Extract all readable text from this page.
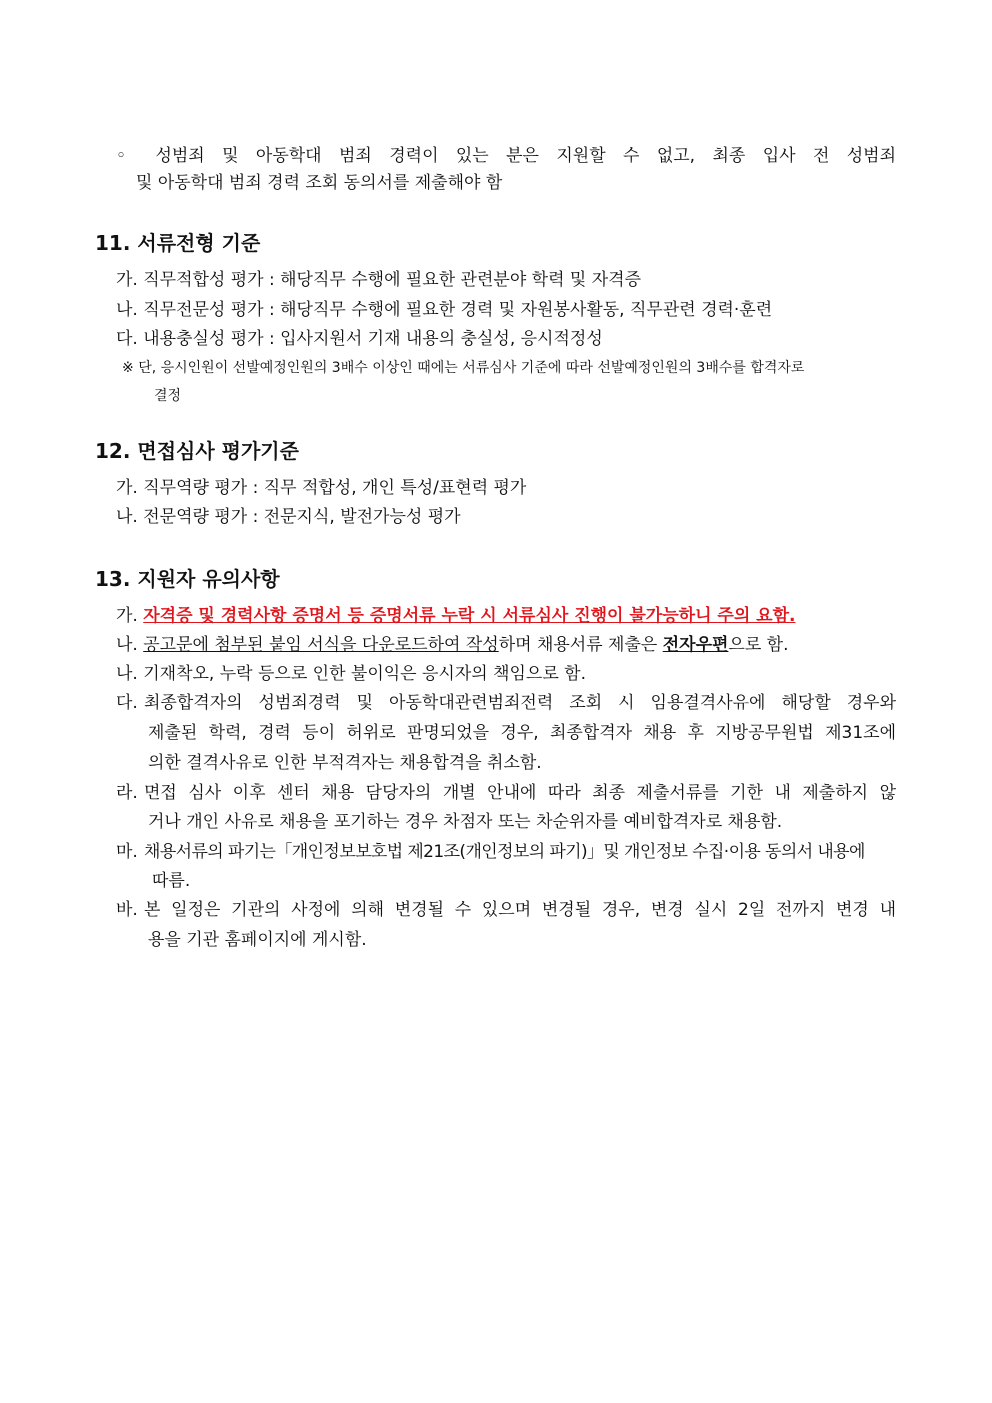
◦ 성범죄 및 아동학대 범죄 경력이 있는 분은 지원할 수 없고, 최종 입사 전 성범죄
및 아동학대 범죄 경력 조회 동의서를 제출해야 함
11. 서류전형 기준
가. 직무적합성 평가 : 해당직무 수행에 필요한 관련분야 학력 및 자격증
나. 직무전문성 평가 : 해당직무 수행에 필요한 경력 및 자원봉사활동, 직무관련 경력·훈련
다. 내용충실성 평가 : 입사지원서 기재 내용의 충실성, 응시적정성
※ 단, 응시인원이 선발예정인원의 3배수 이상인 때에는 서류심사 기준에 따라 선발예정인원의 3배수를 합격자로
결정
12. 면접심사 평가기준
가. 직무역량 평가 : 직무 적합성, 개인 특성/표현력 평가
나. 전문역량 평가 : 전문지식, 발전가능성 평가
13. 지원자 유의사항
가. 자격증 및 경력사항 증명서 등 증명서류 누락 시 서류심사 진행이 불가능하니 주의 요함.
나. 공고문에 첨부된 붙임 서식을 다운로드하여 작성하며 채용서류 제출은 전자우편으로 함.
나. 기재착오, 누락 등으로 인한 불이익은 응시자의 책임으로 함.
다. 최종합격자의 성범죄경력 및 아동학대관련범죄전력 조회 시 임용결격사유에 해당할 경우와
제출된 학력, 경력 등이 허위로 판명되었을 경우, 최종합격자 채용 후 지방공무원법 제31조에
의한 결격사유로 인한 부적격자는 채용합격을 취소함.
라. 면접 심사 이후 센터 채용 담당자의 개별 안내에 따라 최종 제출서류를 기한 내 제출하지 않
거나 개인 사유로 채용을 포기하는 경우 차점자 또는 차순위자를 예비합격자로 채용함.
마. 채용서류의 파기는「개인정보보호법 제21조(개인정보의 파기)」및 개인정보 수집·이용 동의서 내용에
따름.
바. 본 일정은 기관의 사정에 의해 변경될 수 있으며 변경될 경우, 변경 실시 2일 전까지 변경 내
용을 기관 홈페이지에 게시함.
